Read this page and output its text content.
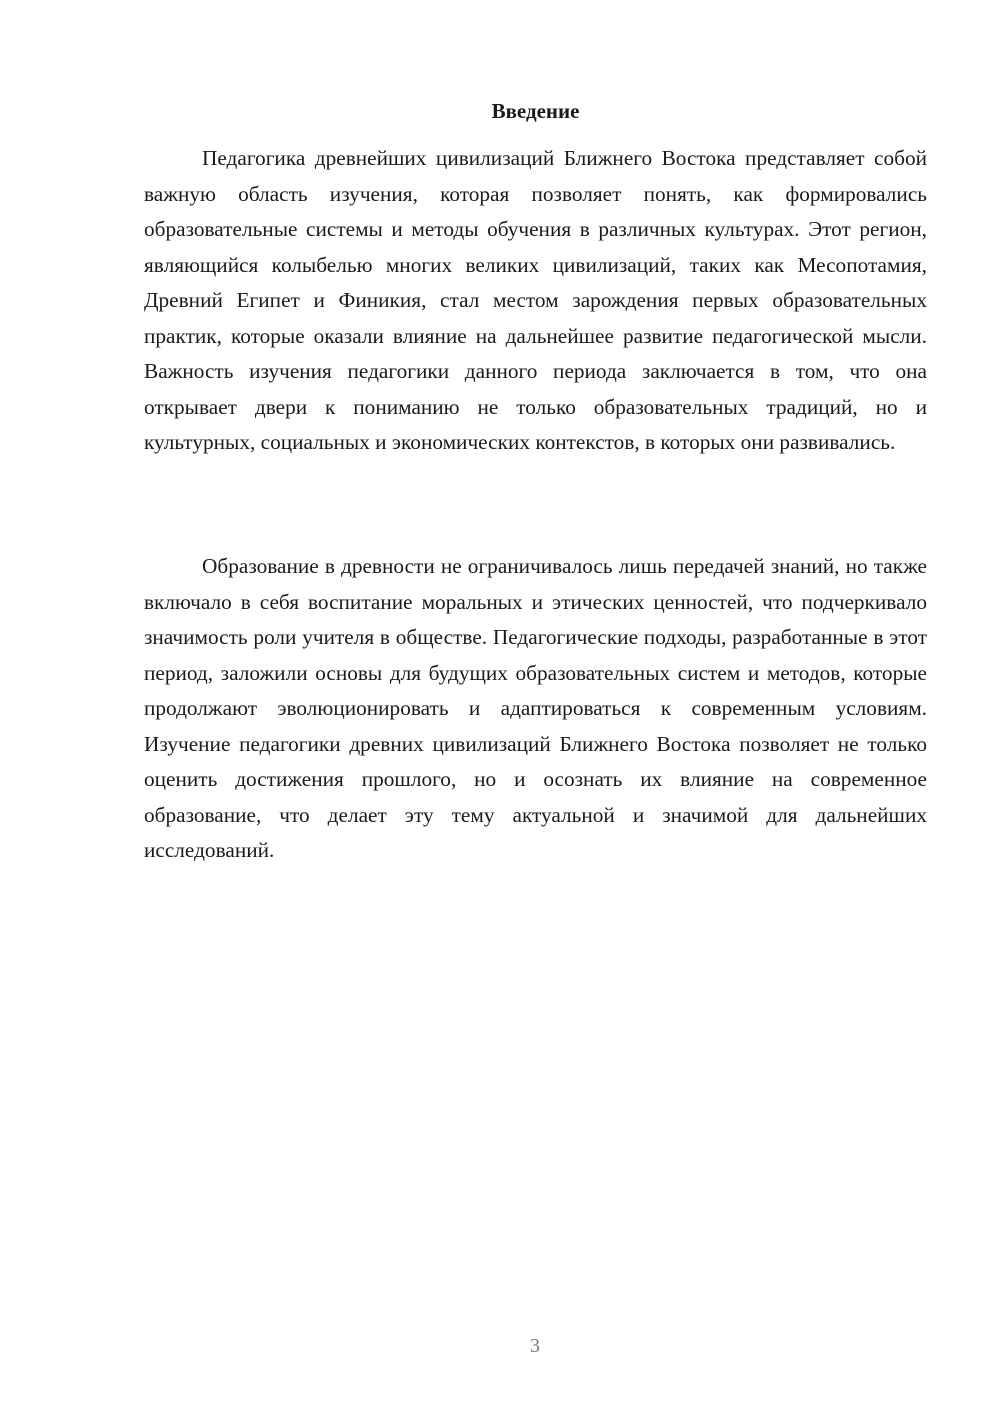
Введение

Педагогика древнейших цивилизаций Ближнего Востока представляет собой важную область изучения, которая позволяет понять, как формировались образовательные системы и методы обучения в различных культурах. Этот регион, являющийся колыбелью многих великих цивилизаций, таких как Месопотамия, Древний Египет и Финикия, стал местом зарождения первых образовательных практик, которые оказали влияние на дальнейшее развитие педагогической мысли. Важность изучения педагогики данного периода заключается в том, что она открывает двери к пониманию не только образовательных традиций, но и культурных, социальных и экономических контекстов, в которых они развивались.

Образование в древности не ограничивалось лишь передачей знаний, но также включало в себя воспитание моральных и этических ценностей, что подчеркивало значимость роли учителя в обществе. Педагогические подходы, разработанные в этот период, заложили основы для будущих образовательных систем и методов, которые продолжают эволюционировать и адаптироваться к современным условиям. Изучение педагогики древних цивилизаций Ближнего Востока позволяет не только оценить достижения прошлого, но и осознать их влияние на современное образование, что делает эту тему актуальной и значимой для дальнейших исследований.

3
